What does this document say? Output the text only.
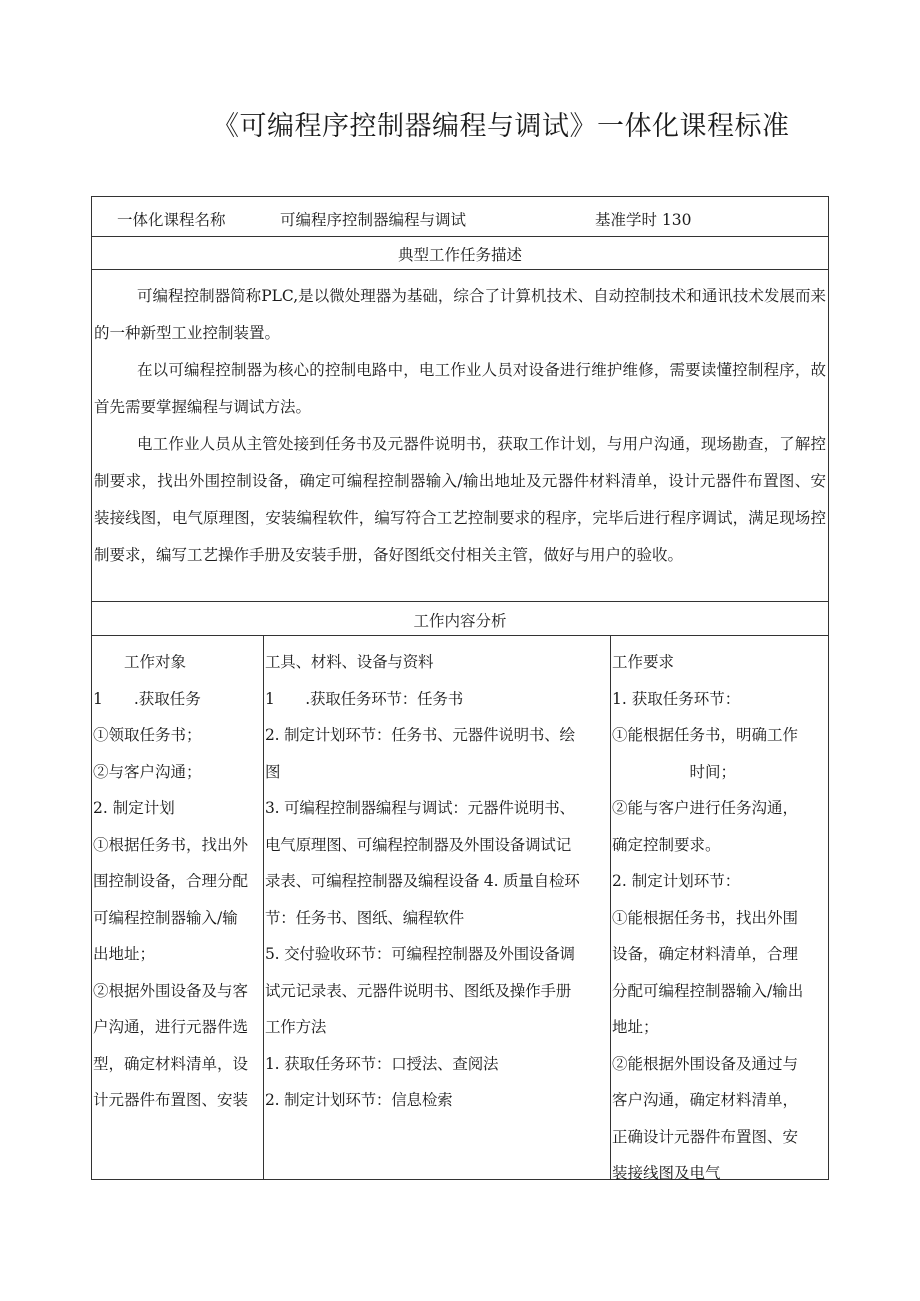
《可编程序控制器编程与调试》一体化课程标准
一体化课程名称	可编程序控制器编程与调试	基准学时 130
典型工作任务描述

可编程控制器简称PLC,是以微处理器为基础，综合了计算机技术、自动控制技术和通讯技术发展而来的一种新型工业控制装置。

在以可编程控制器为核心的控制电路中，电工作业人员对设备进行维护维修，需要读懂控制程序，故首先需要掌握编程与调试方法。

电工作业人员从主管处接到任务书及元器件说明书，获取工作计划，与用户沟通，现场勘查，了解控制要求，找出外围控制设备，确定可编程控制器输入/输出地址及元器件材料清单，设计元器件布置图、安装接线图，电气原理图，安装编程软件，编写符合工艺控制要求的程序，完毕后进行程序调试，满足现场控制要求，编写工艺操作手册及安装手册，备好图纸交付相关主管，做好与用户的验收。

工作内容分析
　　工作对象
1　　.获取任务
①领取任务书；
②与客户沟通；
2. 制定计划
①根据任务书，找出外
围控制设备，合理分配
可编程控制器输入/输
出地址；
②根据外围设备及与客
户沟通，进行元器件选
型，确定材料清单，设
计元器件布置图、安装
工具、材料、设备与资料
1　　.获取任务环节：任务书
2. 制定计划环节：任务书、元器件说明书、绘
图
3. 可编程控制器编程与调试：元器件说明书、
电气原理图、可编程控制器及外围设备调试记
录表、可编程控制器及编程设备 4. 质量自检环
节：任务书、图纸、编程软件
5. 交付验收环节：可编程控制器及外围设备调
试元记录表、元器件说明书、图纸及操作手册
工作方法
1. 获取任务环节：口授法、查阅法
2. 制定计划环节：信息检索
工作要求
1. 获取任务环节：
①能根据任务书，明确工作
　　　　　时间；
②能与客户进行任务沟通，
确定控制要求。
2. 制定计划环节：
①能根据任务书，找出外围
设备，确定材料清单，合理
分配可编程控制器输入/输出
地址；
②能根据外围设备及通过与
客户沟通，确定材料清单，
正确设计元器件布置图、安
装接线图及电气
